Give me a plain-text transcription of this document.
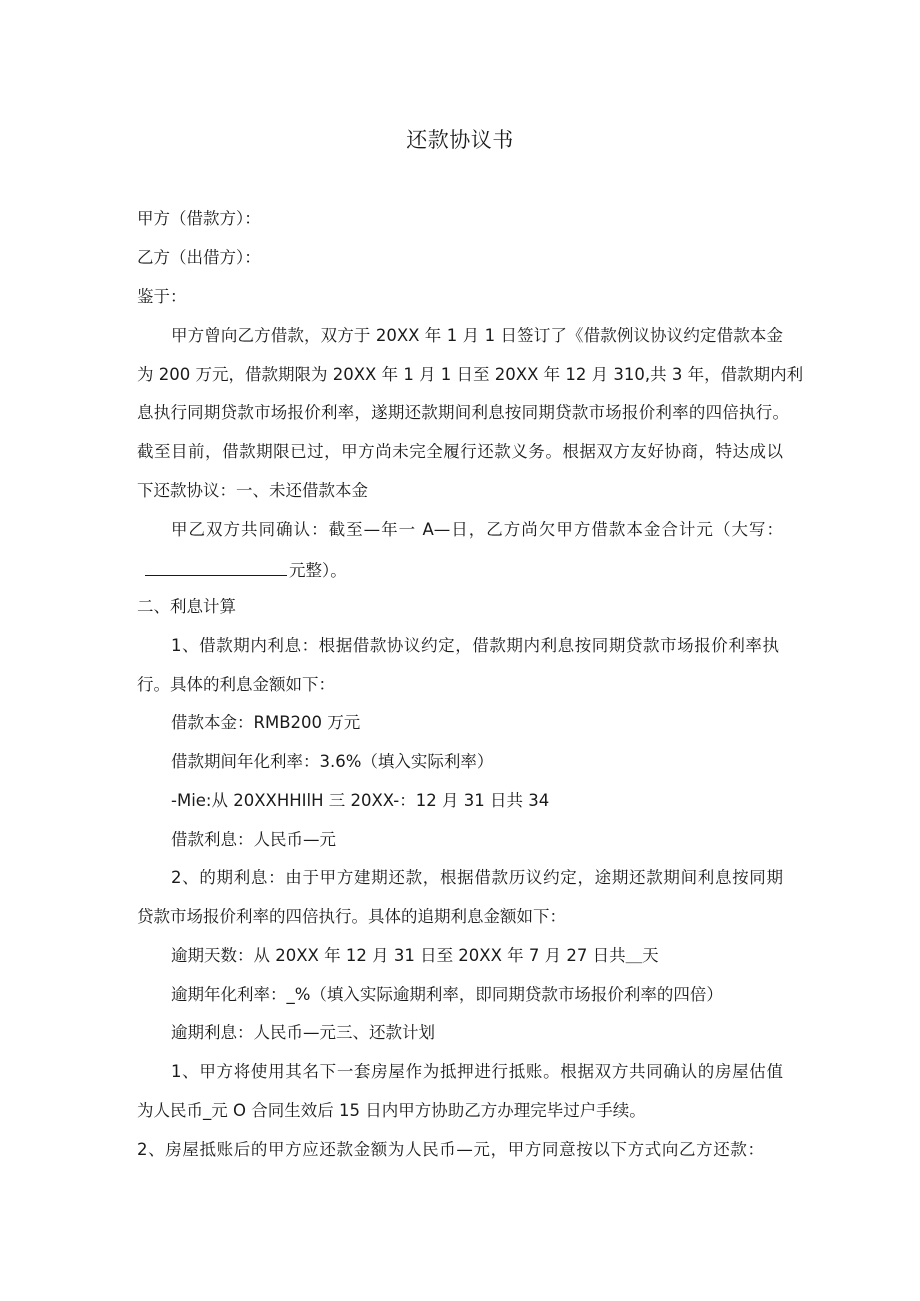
还款协议书
甲方（借款方）：
乙方（出借方）：
鉴于：
甲方曾向乙方借款，双方于 20XX 年 1 月 1 日签订了《借款例议协议约定借款本金
为 200 万元，借款期限为 20XX 年 1 月 1 日至 20XX 年 12 月 310,共 3 年，借款期内利
息执行同期贷款市场报价利率，遂期还款期间利息按同期贷款市场报价利率的四倍执行。
截至目前，借款期限已过，甲方尚未完全履行还款义务。根据双方友好协商，特达成以
下还款协议：一、未还借款本金
甲乙双方共同确认：截至—年一 A—日，乙方尚欠甲方借款本金合计元（大写：
元整）。
二、利息计算
1、借款期内利息：根据借款协议约定，借款期内利息按同期贷款市场报价利率执
行。具体的利息金额如下：
借款本金：RMB200 万元
借款期间年化利率：3.6%（填入实际利率）
-Mie:从 20XXHHIlH 三 20XX-：12 月 31 日共 34
借款利息：人民币—元
2、的期利息：由于甲方建期还款，根据借款历议约定，途期还款期间利息按同期
贷款市场报价利率的四倍执行。具体的追期利息金额如下：
逾期天数：从 20XX 年 12 月 31 日至 20XX 年 7 月 27 日共＿天
逾期年化利率：_%（填入实际逾期利率，即同期贷款市场报价利率的四倍）
逾期利息：人民币—元三、还款计划
1、甲方将使用其名下一套房屋作为抵押进行抵账。根据双方共同确认的房屋估值
为人民币_元 O 合同生效后 15 日内甲方协助乙方办理完毕过户手续。
2、房屋抵账后的甲方应还款金额为人民币—元，甲方同意按以下方式向乙方还款：
